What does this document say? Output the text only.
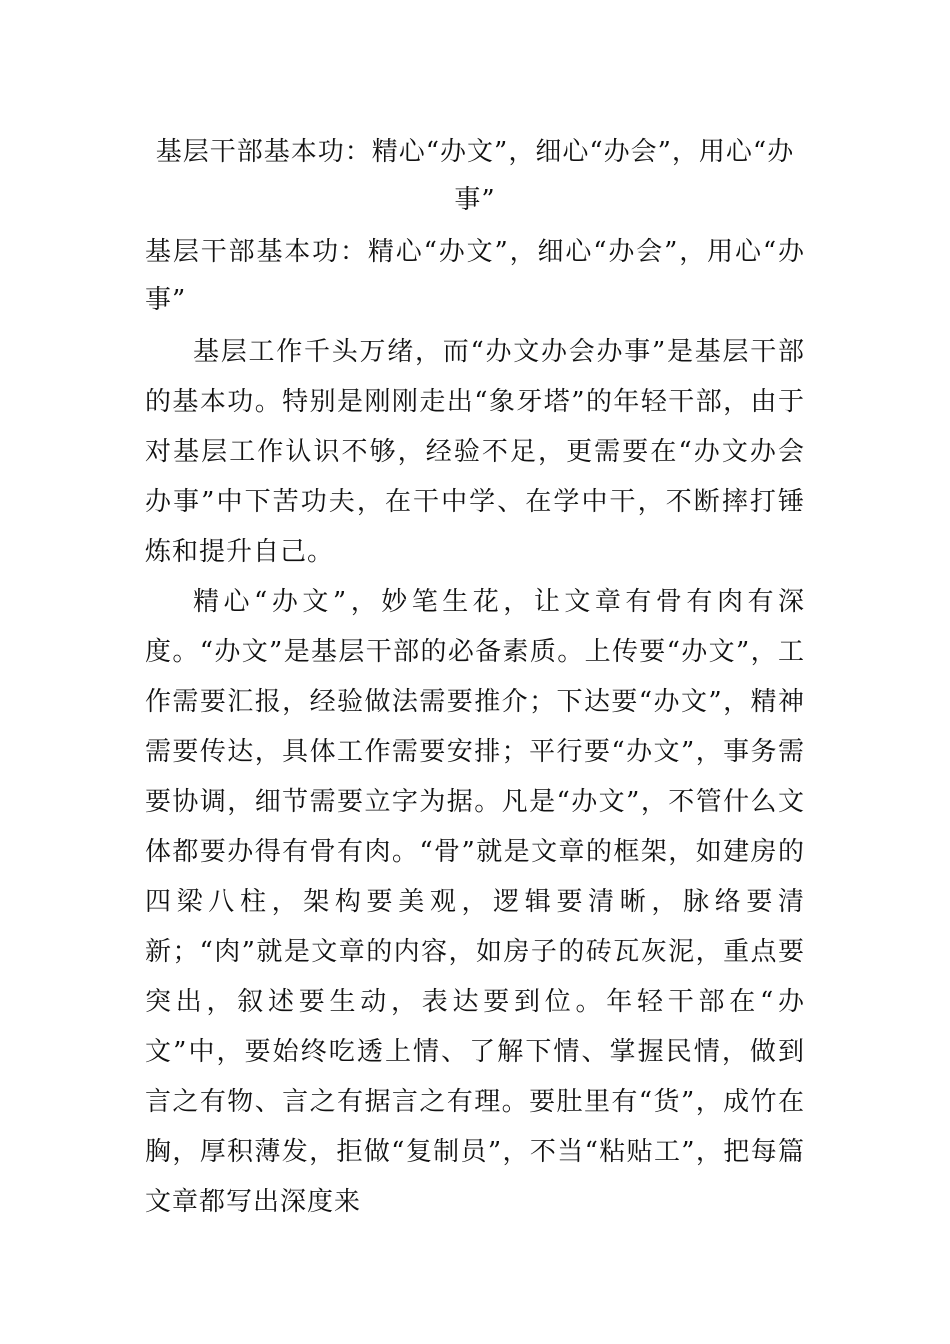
基层干部基本功：精心“办文”，细心“办会”，用心“办事”
基层干部基本功：精心“办文”，细心“办会”，用心“办事”

基层工作千头万绪，而“办文办会办事”是基层干部的基本功。特别是刚刚走出“象牙塔”的年轻干部，由于对基层工作认识不够，经验不足，更需要在“办文办会办事”中下苦功夫，在干中学、在学中干，不断摔打锤炼和提升自己。

精心“办文”，妙笔生花，让文章有骨有肉有深度。“办文”是基层干部的必备素质。上传要“办文”，工作需要汇报，经验做法需要推介；下达要“办文”，精神需要传达，具体工作需要安排；平行要“办文”，事务需要协调，细节需要立字为据。凡是“办文”，不管什么文体都要办得有骨有肉。“骨”就是文章的框架，如建房的四梁八柱，架构要美观，逻辑要清晰，脉络要清新；“肉”就是文章的内容，如房子的砖瓦灰泥，重点要突出，叙述要生动，表达要到位。年轻干部在“办文”中，要始终吃透上情、了解下情、掌握民情，做到言之有物、言之有据言之有理。要肚里有“货”，成竹在胸，厚积薄发，拒做“复制员”，不当“粘贴工”，把每篇文章都写出深度来
